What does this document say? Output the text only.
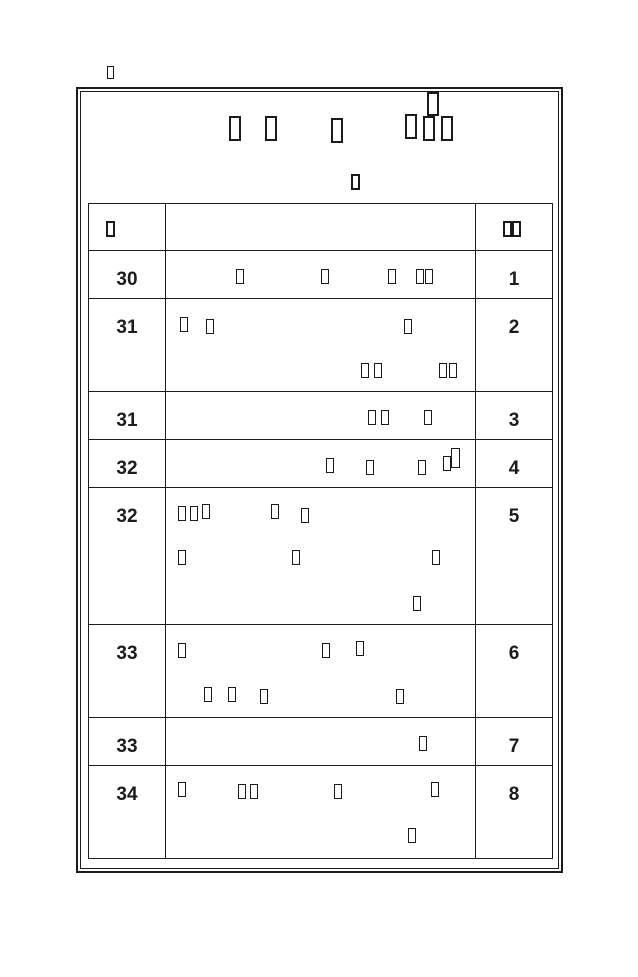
30		1
31		2
31		3
32		4
32		5
33		6
33		7
34		8
